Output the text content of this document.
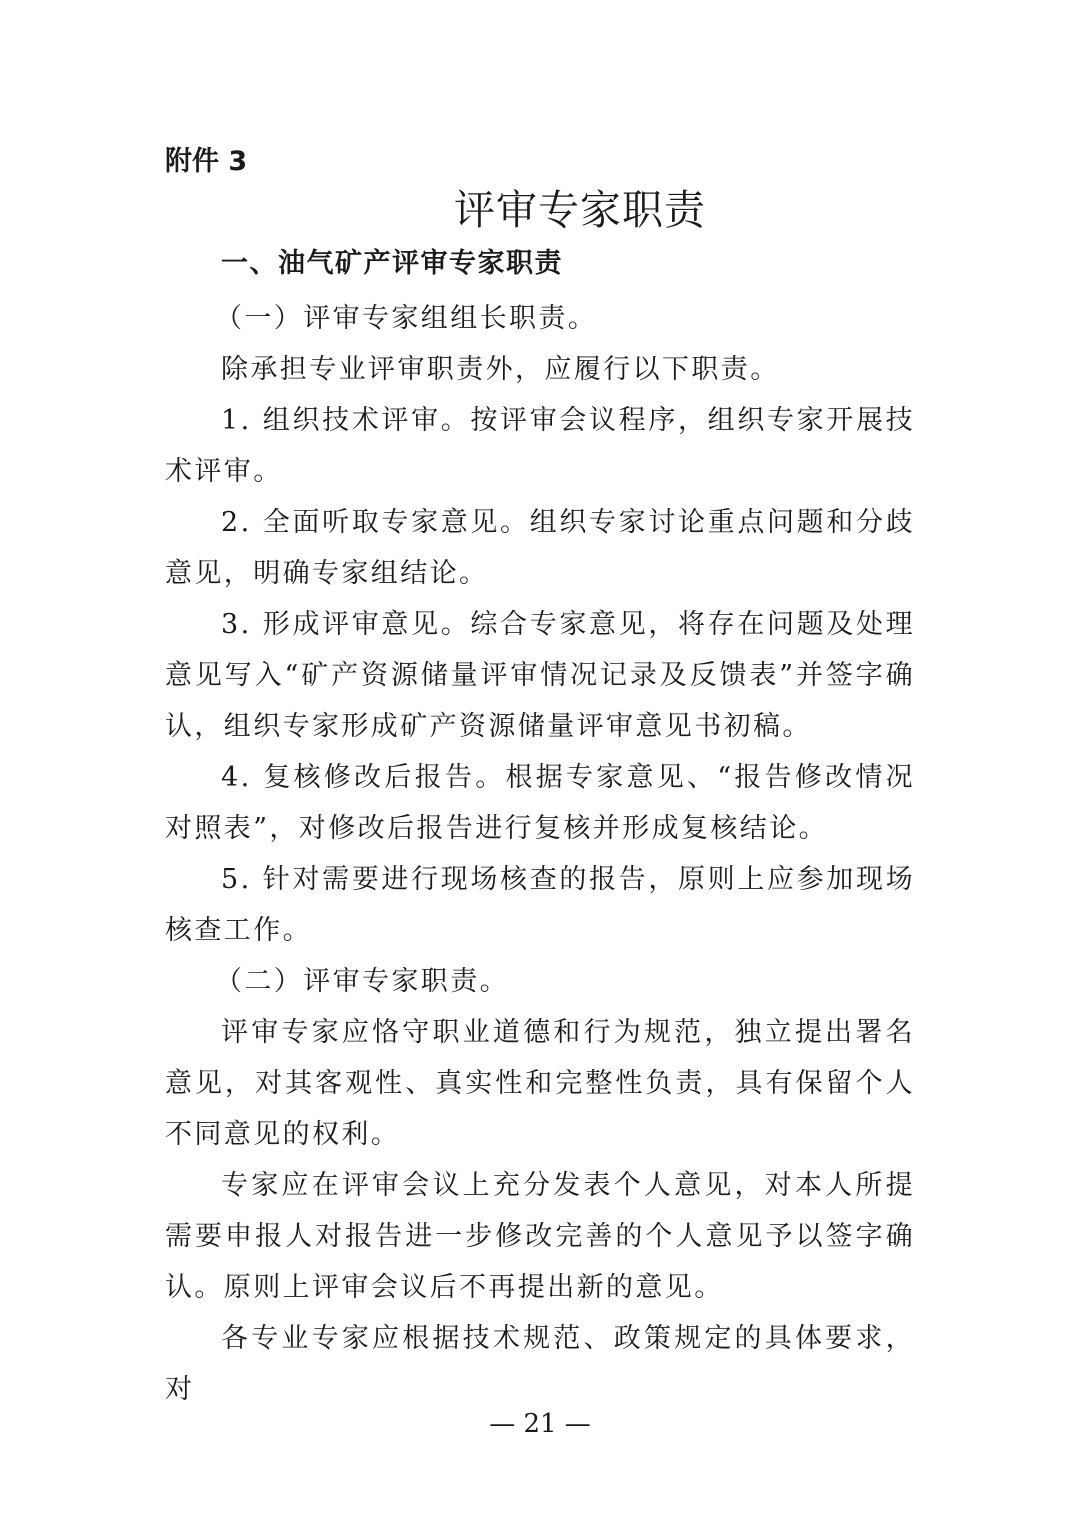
附件 3

评审专家职责

一、油气矿产评审专家职责

（一）评审专家组组长职责。

除承担专业评审职责外，应履行以下职责。

1. 组织技术评审。按评审会议程序，组织专家开展技术评审。

2. 全面听取专家意见。组织专家讨论重点问题和分歧意见，明确专家组结论。

3. 形成评审意见。综合专家意见，将存在问题及处理意见写入“矿产资源储量评审情况记录及反馈表”并签字确认，组织专家形成矿产资源储量评审意见书初稿。

4. 复核修改后报告。根据专家意见、“报告修改情况对照表”，对修改后报告进行复核并形成复核结论。

5. 针对需要进行现场核查的报告，原则上应参加现场核查工作。

（二）评审专家职责。

评审专家应恪守职业道德和行为规范，独立提出署名意见，对其客观性、真实性和完整性负责，具有保留个人不同意见的权利。

专家应在评审会议上充分发表个人意见，对本人所提需要申报人对报告进一步修改完善的个人意见予以签字确认。原则上评审会议后不再提出新的意见。

各专业专家应根据技术规范、政策规定的具体要求，对

— 21 —
